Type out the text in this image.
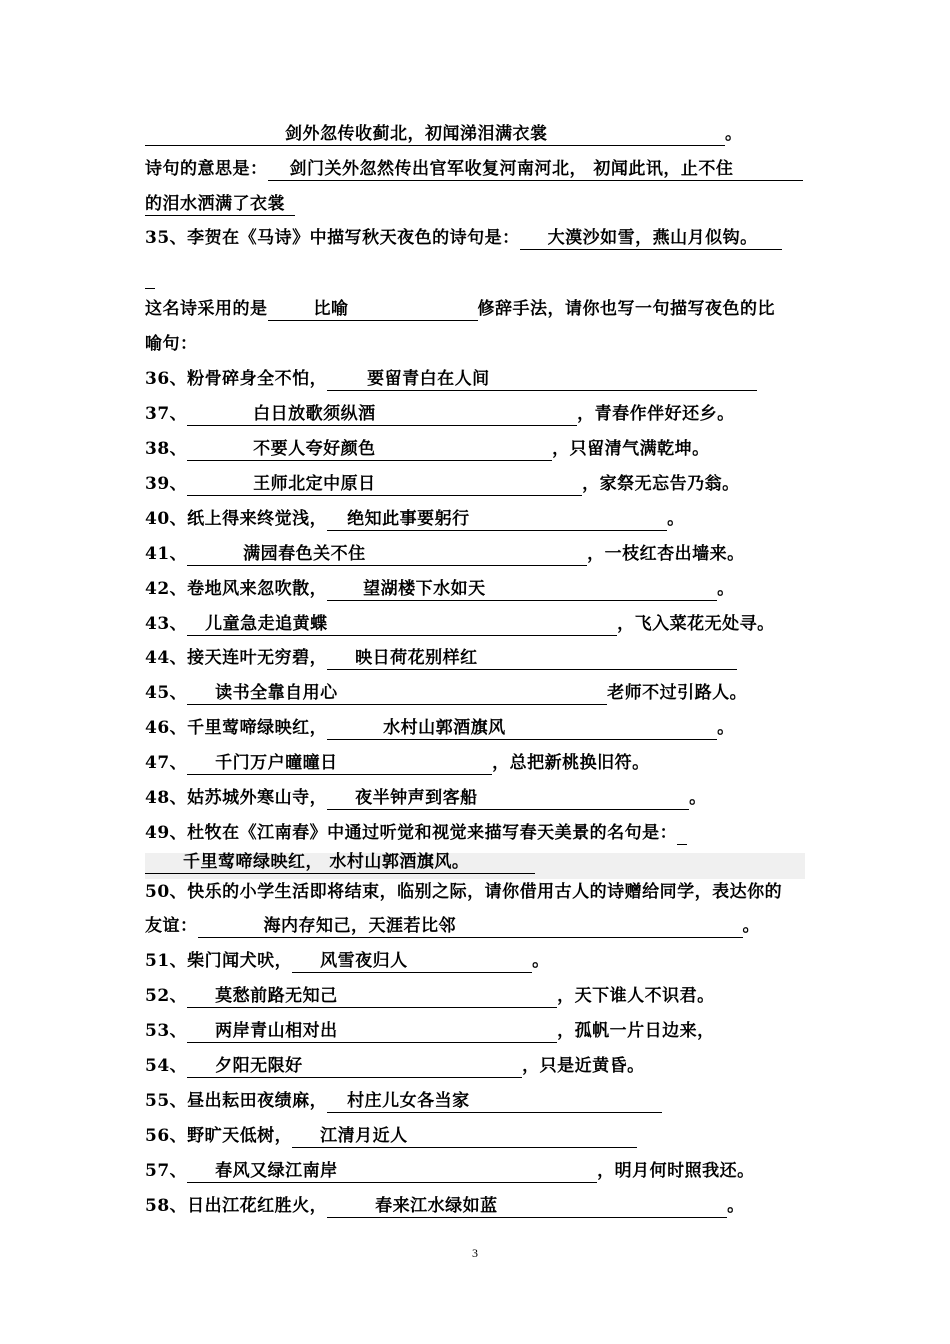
剑外忽传收蓟北，初闻涕泪满衣裳	。
诗句的意思是： 剑门关外忽然传出官军收复河南河北， 初闻此讯，止不住
的泪水洒满了衣裳
35、李贺在《马诗》中描写秋天夜色的诗句是： 大漠沙如雪，燕山月似钩。
这名诗采用的是	比喻	修辞手法，请你也写一句描写夜色的比
喻句：
36、粉骨碎身全不怕， 要留青白在人间
37、	白日放歌须纵酒	，青春作伴好还乡。
38、	不要人夸好颜色	，只留清气满乾坤。
39、	王师北定中原日	，家祭无忘告乃翁。
40、纸上得来终觉浅， 绝知此事要躬行	。
41、	满园春色关不住	，一枝红杏出墙来。
42、卷地风来忽吹散， 望湖楼下水如天	。
43、 儿童急走追黄蝶	，飞入菜花无处寻。
44、接天连叶无穷碧， 映日荷花别样红
45、 读书全靠自用心	老师不过引路人。
46、千里莺啼绿映红，	水村山郭酒旗风	。
47、 千门万户曈曈日	，总把新桃换旧符。
48、姑苏城外寒山寺， 夜半钟声到客船	。
49、杜牧在《江南春》中通过听觉和视觉来描写春天美景的名句是：
千里莺啼绿映红， 水村山郭酒旗风。
50、快乐的小学生活即将结束，临别之际，请你借用古人的诗赠给同学，表达你的
友谊：	海内存知己，天涯若比邻	。
51、柴门闻犬吠， 风雪夜归人	。
52、 莫愁前路无知己	，天下谁人不识君。
53、 两岸青山相对出	，孤帆一片日边来，
54、 夕阳无限好	，只是近黄昏。
55、昼出耘田夜绩麻， 村庄儿女各当家
56、野旷天低树， 江清月近人
57、 春风又绿江南岸	，明月何时照我还。
58、日出江花红胜火，	春来江水绿如蓝	。
3
